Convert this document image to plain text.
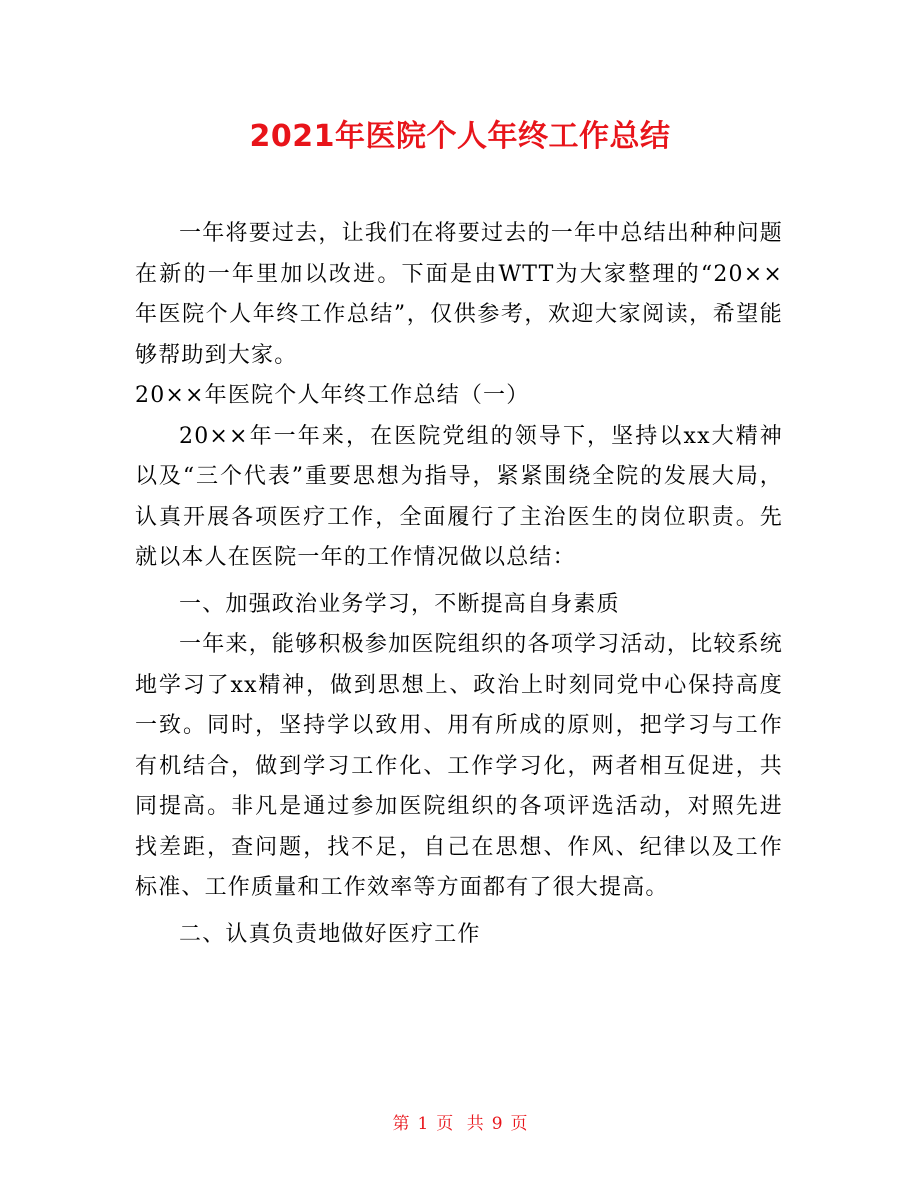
2021年医院个人年终工作总结

一年将要过去，让我们在将要过去的一年中总结出种种问题在新的一年里加以改进。下面是由WTT为大家整理的“20××年医院个人年终工作总结”，仅供参考，欢迎大家阅读，希望能够帮助到大家。

20××年医院个人年终工作总结（一）

20××年一年来，在医院党组的领导下，坚持以xx大精神以及“三个代表”重要思想为指导，紧紧围绕全院的发展大局，认真开展各项医疗工作，全面履行了主治医生的岗位职责。先就以本人在医院一年的工作情况做以总结：

一、加强政治业务学习，不断提高自身素质

一年来，能够积极参加医院组织的各项学习活动，比较系统地学习了xx精神，做到思想上、政治上时刻同党中心保持高度一致。同时，坚持学以致用、用有所成的原则，把学习与工作有机结合，做到学习工作化、工作学习化，两者相互促进，共同提高。非凡是通过参加医院组织的各项评选活动，对照先进找差距，查问题，找不足，自己在思想、作风、纪律以及工作标准、工作质量和工作效率等方面都有了很大提高。

二、认真负责地做好医疗工作

第 1 页 共 9 页
